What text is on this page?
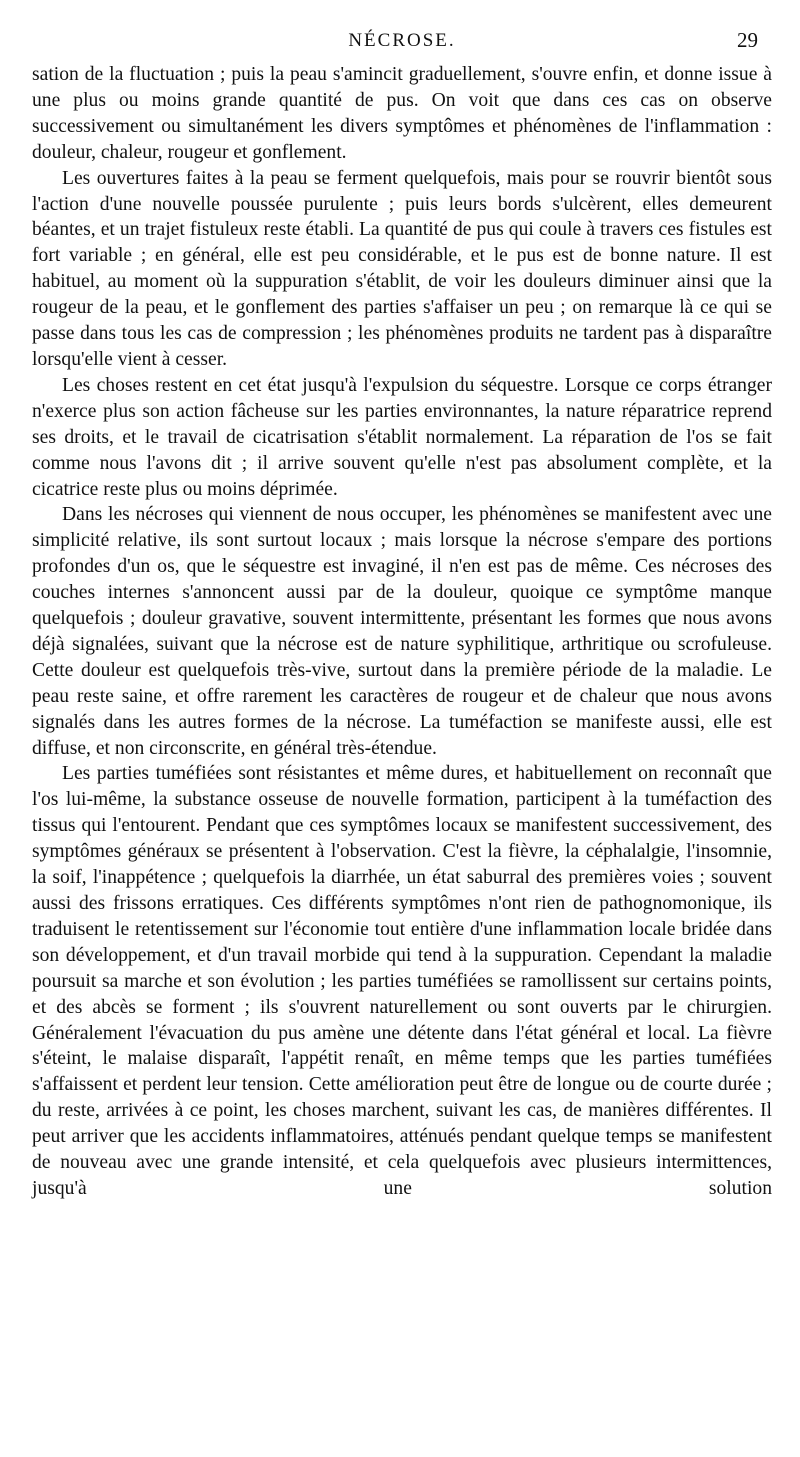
NÉCROSE.	29

sation de la fluctuation ; puis la peau s'amincit graduellement, s'ouvre enfin, et donne issue à une plus ou moins grande quantité de pus. On voit que dans ces cas on observe successivement ou simultanément les divers symptômes et phénomènes de l'inflammation : douleur, chaleur, rougeur et gonflement.

Les ouvertures faites à la peau se ferment quelquefois, mais pour se rouvrir bientôt sous l'action d'une nouvelle poussée purulente ; puis leurs bords s'ulcèrent, elles demeurent béantes, et un trajet fistuleux reste établi. La quantité de pus qui coule à travers ces fistules est fort variable ; en général, elle est peu considérable, et le pus est de bonne nature. Il est habituel, au moment où la suppuration s'établit, de voir les douleurs diminuer ainsi que la rougeur de la peau, et le gonflement des parties s'affaiser un peu ; on remarque là ce qui se passe dans tous les cas de compression ; les phénomènes produits ne tardent pas à disparaître lorsqu'elle vient à cesser.

Les choses restent en cet état jusqu'à l'expulsion du séquestre. Lorsque ce corps étranger n'exerce plus son action fâcheuse sur les parties environnantes, la nature réparatrice reprend ses droits, et le travail de cicatrisation s'établit normalement. La réparation de l'os se fait comme nous l'avons dit ; il arrive souvent qu'elle n'est pas absolument complète, et la cicatrice reste plus ou moins déprimée.

Dans les nécroses qui viennent de nous occuper, les phénomènes se manifestent avec une simplicité relative, ils sont surtout locaux ; mais lorsque la nécrose s'empare des portions profondes d'un os, que le séquestre est invaginé, il n'en est pas de même. Ces nécroses des couches internes s'annoncent aussi par de la douleur, quoique ce symptôme manque quelquefois ; douleur gravative, souvent intermittente, présentant les formes que nous avons déjà signalées, suivant que la nécrose est de nature syphilitique, arthritique ou scrofuleuse. Cette douleur est quelquefois très-vive, surtout dans la première période de la maladie. Le peau reste saine, et offre rarement les caractères de rougeur et de chaleur que nous avons signalés dans les autres formes de la nécrose. La tuméfaction se manifeste aussi, elle est diffuse, et non circonscrite, en général très-étendue.

Les parties tuméfiées sont résistantes et même dures, et habituellement on reconnaît que l'os lui-même, la substance osseuse de nouvelle formation, participent à la tuméfaction des tissus qui l'entourent. Pendant que ces symptômes locaux se manifestent successivement, des symptômes généraux se présentent à l'observation. C'est la fièvre, la céphalalgie, l'insomnie, la soif, l'inappétence ; quelquefois la diarrhée, un état saburral des premières voies ; souvent aussi des frissons erratiques. Ces différents symptômes n'ont rien de pathognomonique, ils traduisent le retentissement sur l'économie tout entière d'une inflammation locale bridée dans son développement, et d'un travail morbide qui tend à la suppuration. Cependant la maladie poursuit sa marche et son évolution ; les parties tuméfiées se ramollissent sur certains points, et des abcès se forment ; ils s'ouvrent naturellement ou sont ouverts par le chirurgien. Généralement l'évacuation du pus amène une détente dans l'état général et local. La fièvre s'éteint, le malaise disparaît, l'appétit renaît, en même temps que les parties tuméfiées s'affaissent et perdent leur tension. Cette amélioration peut être de longue ou de courte durée ; du reste, arrivées à ce point, les choses marchent, suivant les cas, de manières différentes. Il peut arriver que les accidents inflammatoires, atténués pendant quelque temps se manifestent de nouveau avec une grande intensité, et cela quelquefois avec plusieurs intermittences, jusqu'à une solution
